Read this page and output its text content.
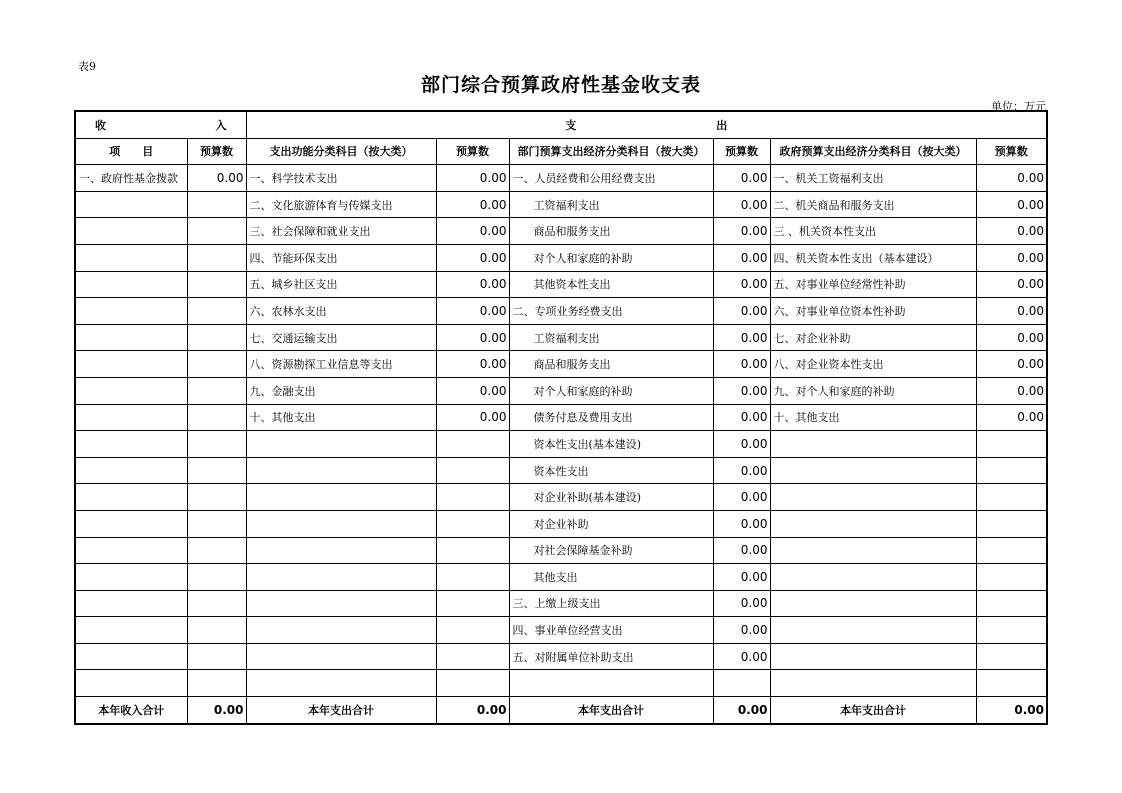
表9
部门综合预算政府性基金收支表
单位：万元
收 入		支 出					

项　　目	预算数	支出功能分类科目（按大类）	预算数	部门预算支出经济分类科目（按大类）	预算数	政府预算支出经济分类科目（按大类）	预算数
一、政府性基金拨款	0.00	一、科学技术支出	0.00	一、人员经费和公用经费支出	0.00	一、机关工资福利支出	0.00
		二、文化旅游体育与传媒支出	0.00	工资福利支出	0.00	二、机关商品和服务支出	0.00
		三、社会保障和就业支出	0.00	商品和服务支出	0.00	三 、机关资本性支出	0.00
		四、节能环保支出	0.00	对个人和家庭的补助	0.00	四、机关资本性支出（基本建设）	0.00
		五、城乡社区支出	0.00	其他资本性支出	0.00	五、对事业单位经常性补助	0.00
		六、农林水支出	0.00	二、专项业务经费支出	0.00	六、对事业单位资本性补助	0.00
		七、交通运输支出	0.00	工资福利支出	0.00	七、对企业补助	0.00
		八、资源勘探工业信息等支出	0.00	商品和服务支出	0.00	八、对企业资本性支出	0.00
		九、金融支出	0.00	对个人和家庭的补助	0.00	九、对个人和家庭的补助	0.00
		十、其他支出	0.00	债务付息及费用支出	0.00	十、其他支出	0.00
				资本性支出(基本建设)	0.00		
				资本性支出	0.00		
				对企业补助(基本建设)	0.00		
				对企业补助	0.00		
				对社会保障基金补助	0.00		
				其他支出	0.00		
				三、上缴上级支出	0.00		
				四、事业单位经营支出	0.00		
				五、对附属单位补助支出	0.00		

本年收入合计	0.00	本年支出合计	0.00	本年支出合计	0.00	本年支出合计	0.00
